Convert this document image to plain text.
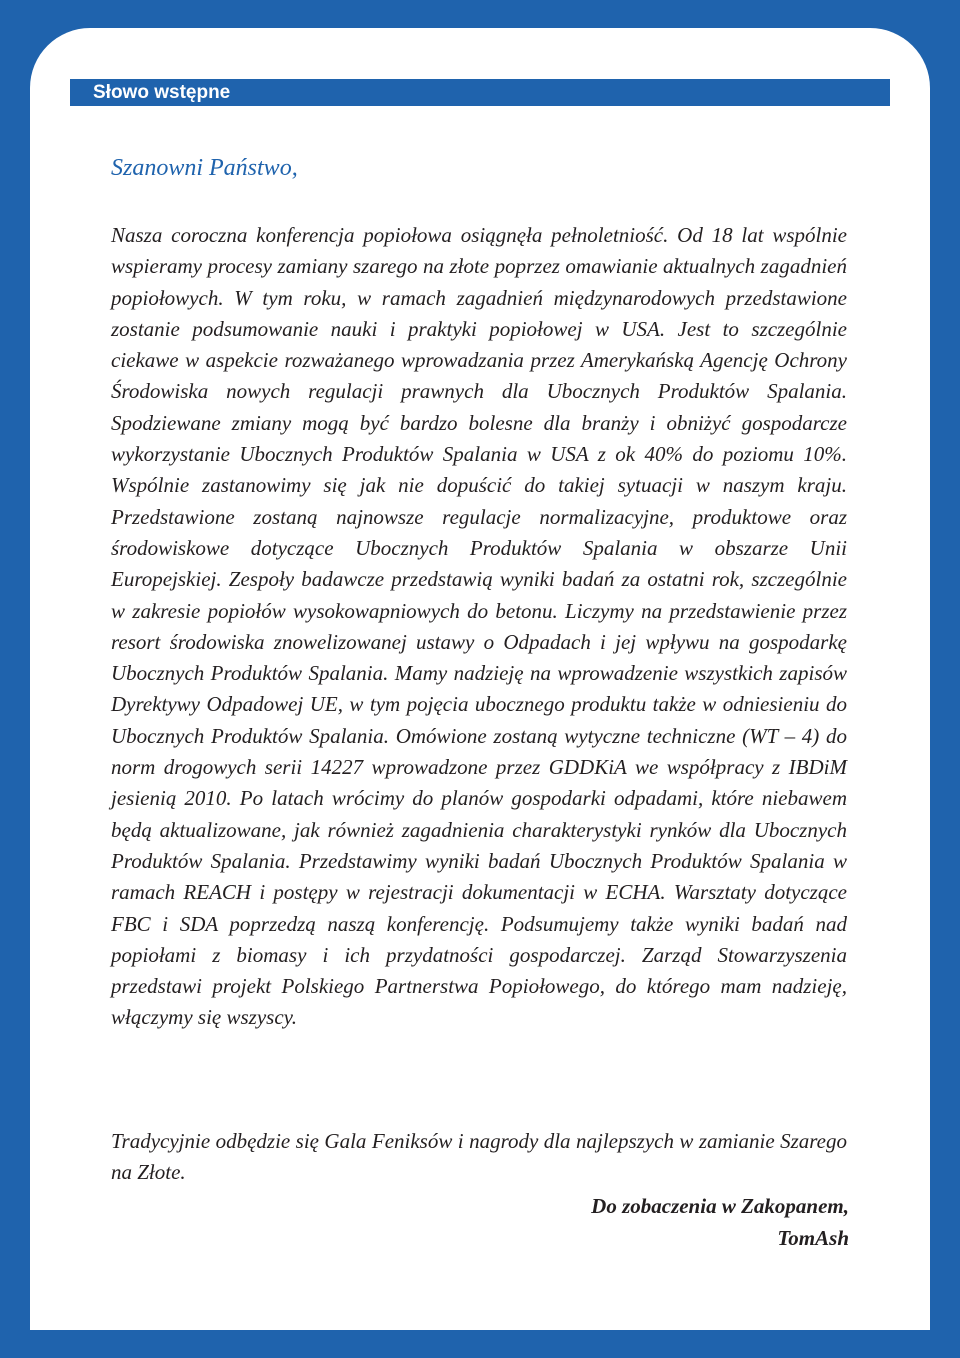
Słowo wstępne
Szanowni Państwo,

Nasza coroczna konferencja popiołowa osiągnęła pełnoletniość. Od 18 lat wspólnie wspieramy procesy zamiany szarego na złote poprzez omawianie aktualnych zagadnień popiołowych. W tym roku, w ramach zagadnień międzynarodowych przedstawione zostanie podsumowanie nauki i praktyki popiołowej w USA. Jest to szczególnie ciekawe w aspekcie rozważanego wprowadzania przez Amerykańską Agencję Ochrony Środowiska nowych regulacji prawnych dla Ubocznych Produktów Spalania. Spodziewane zmiany mogą być bardzo bolesne dla branży i obniżyć gospodarcze wykorzystanie Ubocznych Produktów Spalania w USA z ok 40% do poziomu 10%. Wspólnie zastanowimy się jak nie dopuścić do takiej sytuacji w naszym kraju. Przedstawione zostaną najnowsze regulacje normalizacyjne, produktowe oraz środowiskowe dotyczące Ubocznych Produktów Spalania w obszarze Unii Europejskiej. Zespoły badawcze przedstawią wyniki badań za ostatni rok, szczególnie w zakresie popiołów wysokowapniowych do betonu. Liczymy na przedstawienie przez resort środowiska znowelizowanej ustawy o Odpadach i jej wpływu na gospodarkę Ubocznych Produktów Spalania. Mamy nadzieję na wprowadzenie wszystkich zapisów Dyrektywy Odpadowej UE, w tym pojęcia ubocznego produktu także w odniesieniu do Ubocznych Produktów Spalania. Omówione zostaną wytyczne techniczne (WT – 4) do norm drogowych serii 14227 wprowadzone przez GDDKiA we współpracy z IBDiM jesienią 2010. Po latach wrócimy do planów gospodarki odpadami, które niebawem będą aktualizowane, jak również zagadnienia charakterystyki rynków dla Ubocznych Produktów Spalania. Przedstawimy wyniki badań Ubocznych Produktów Spalania w ramach REACH i postępy w rejestracji dokumentacji w ECHA. Warsztaty dotyczące FBC i SDA poprzedzą naszą konferencję. Podsumujemy także wyniki badań nad popiołami z biomasy i ich przydatności gospodarczej. Zarząd Stowarzyszenia przedstawi projekt Polskiego Partnerstwa Popiołowego, do którego mam nadzieję, włączymy się wszyscy.

Tradycyjnie odbędzie się Gala Feniksów i nagrody dla najlepszych w zamianie Szarego na Złote.

Do zobaczenia w Zakopanem,
TomAsh
